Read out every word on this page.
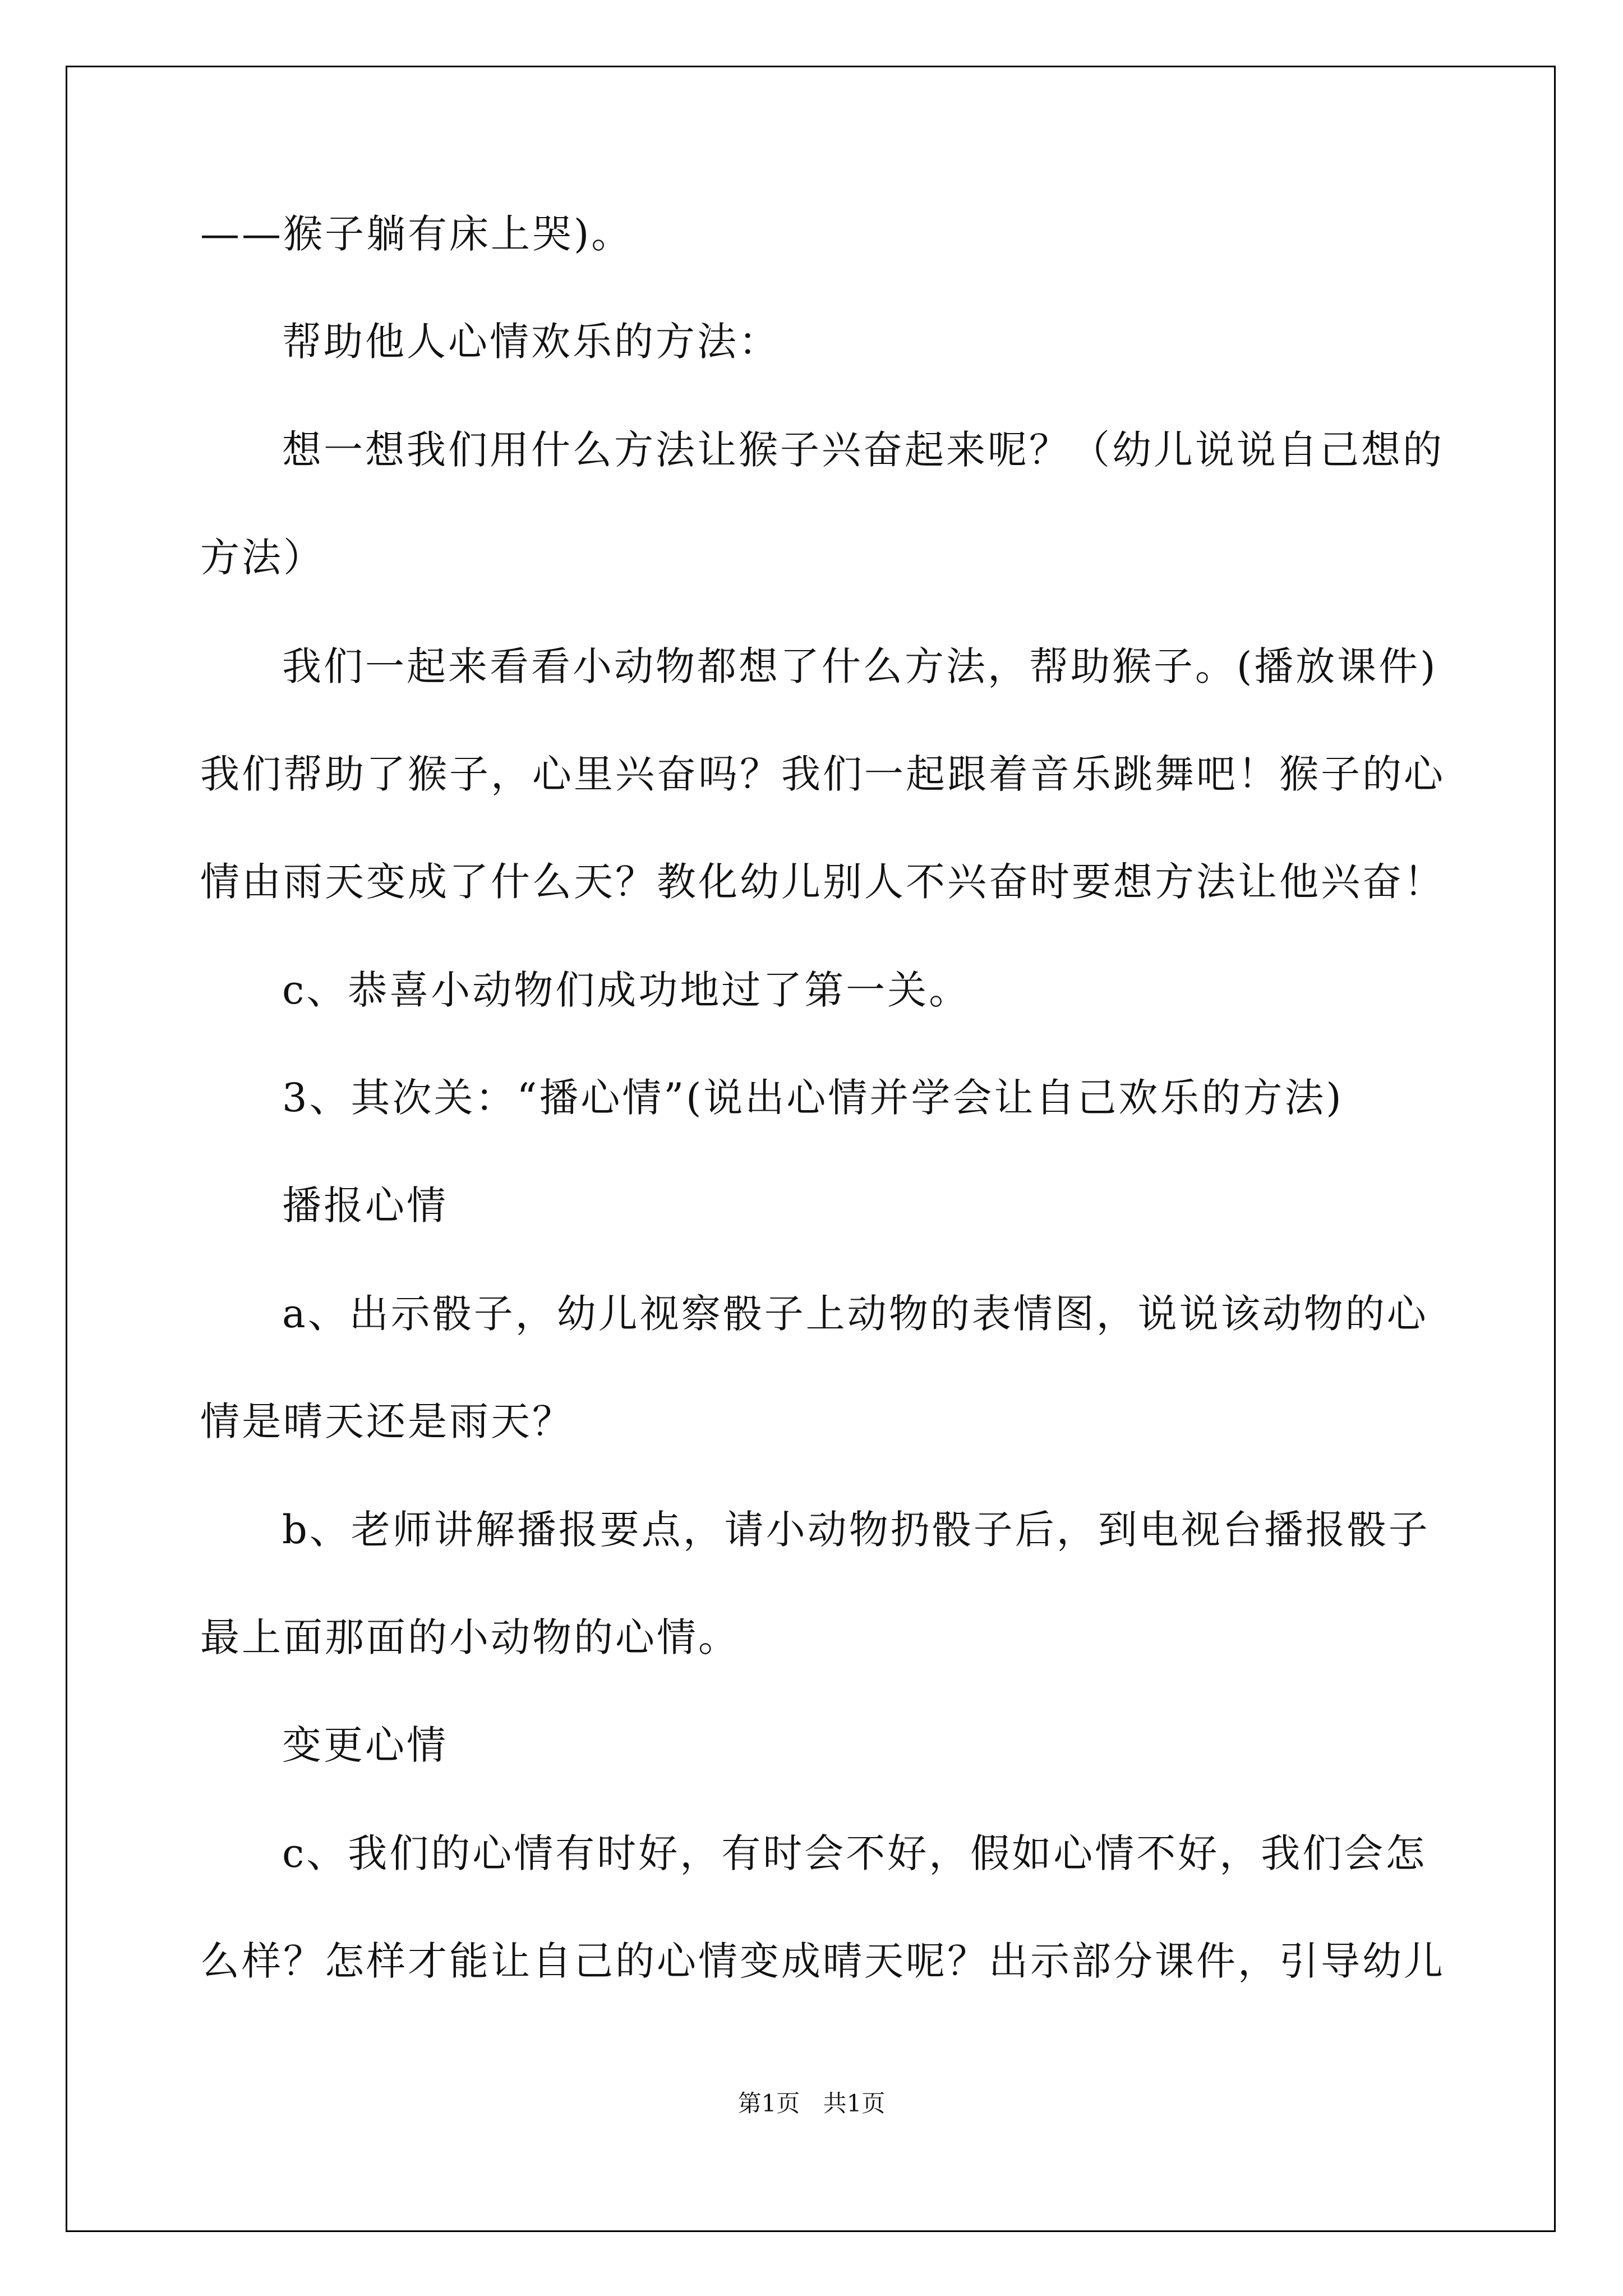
——猴子躺有床上哭)。
帮助他人心情欢乐的方法：
想一想我们用什么方法让猴子兴奋起来呢？（幼儿说说自己想的
方法）
我们一起来看看小动物都想了什么方法，帮助猴子。(播放课件)
我们帮助了猴子，心里兴奋吗？我们一起跟着音乐跳舞吧！猴子的心
情由雨天变成了什么天？教化幼儿别人不兴奋时要想方法让他兴奋！
c、恭喜小动物们成功地过了第一关。
3、其次关：“播心情”(说出心情并学会让自己欢乐的方法)
播报心情
a、出示骰子，幼儿视察骰子上动物的表情图，说说该动物的心
情是晴天还是雨天？
b、老师讲解播报要点，请小动物扔骰子后，到电视台播报骰子
最上面那面的小动物的心情。
变更心情
c、我们的心情有时好，有时会不好，假如心情不好，我们会怎
么样？怎样才能让自己的心情变成晴天呢？出示部分课件，引导幼儿
第1页 共1页
